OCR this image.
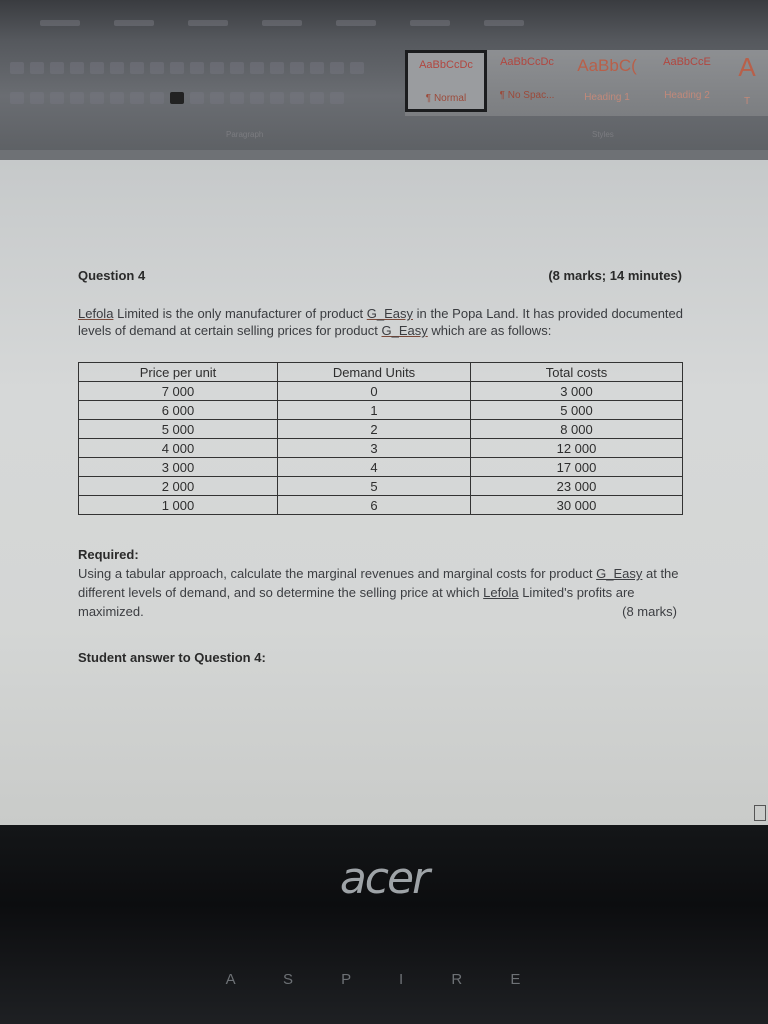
AaBbCcDc
¶ Normal
AaBbCcDc
¶ No Spac...
AaBbC(
Heading 1
AaBbCcE
Heading 2
A
T
Paragraph	Styles
Question 4	(8 marks; 14 minutes)
Lefola Limited is the only manufacturer of product G_Easy in the Popa Land. It has provided documented levels of demand at certain selling prices for product G_Easy which are as follows:
Price per unit	Demand Units	Total costs
7 000	0	3 000
6 000	1	5 000
5 000	2	8 000
4 000	3	12 000
3 000	4	17 000
2 000	5	23 000
1 000	6	30 000
Required:
Using a tabular approach, calculate the marginal revenues and marginal costs for product G_Easy at the different levels of demand, and so determine the selling price at which Lefola Limited's profits are maximized.	(8 marks)
Student answer to Question 4:
acer
A S P I R E
